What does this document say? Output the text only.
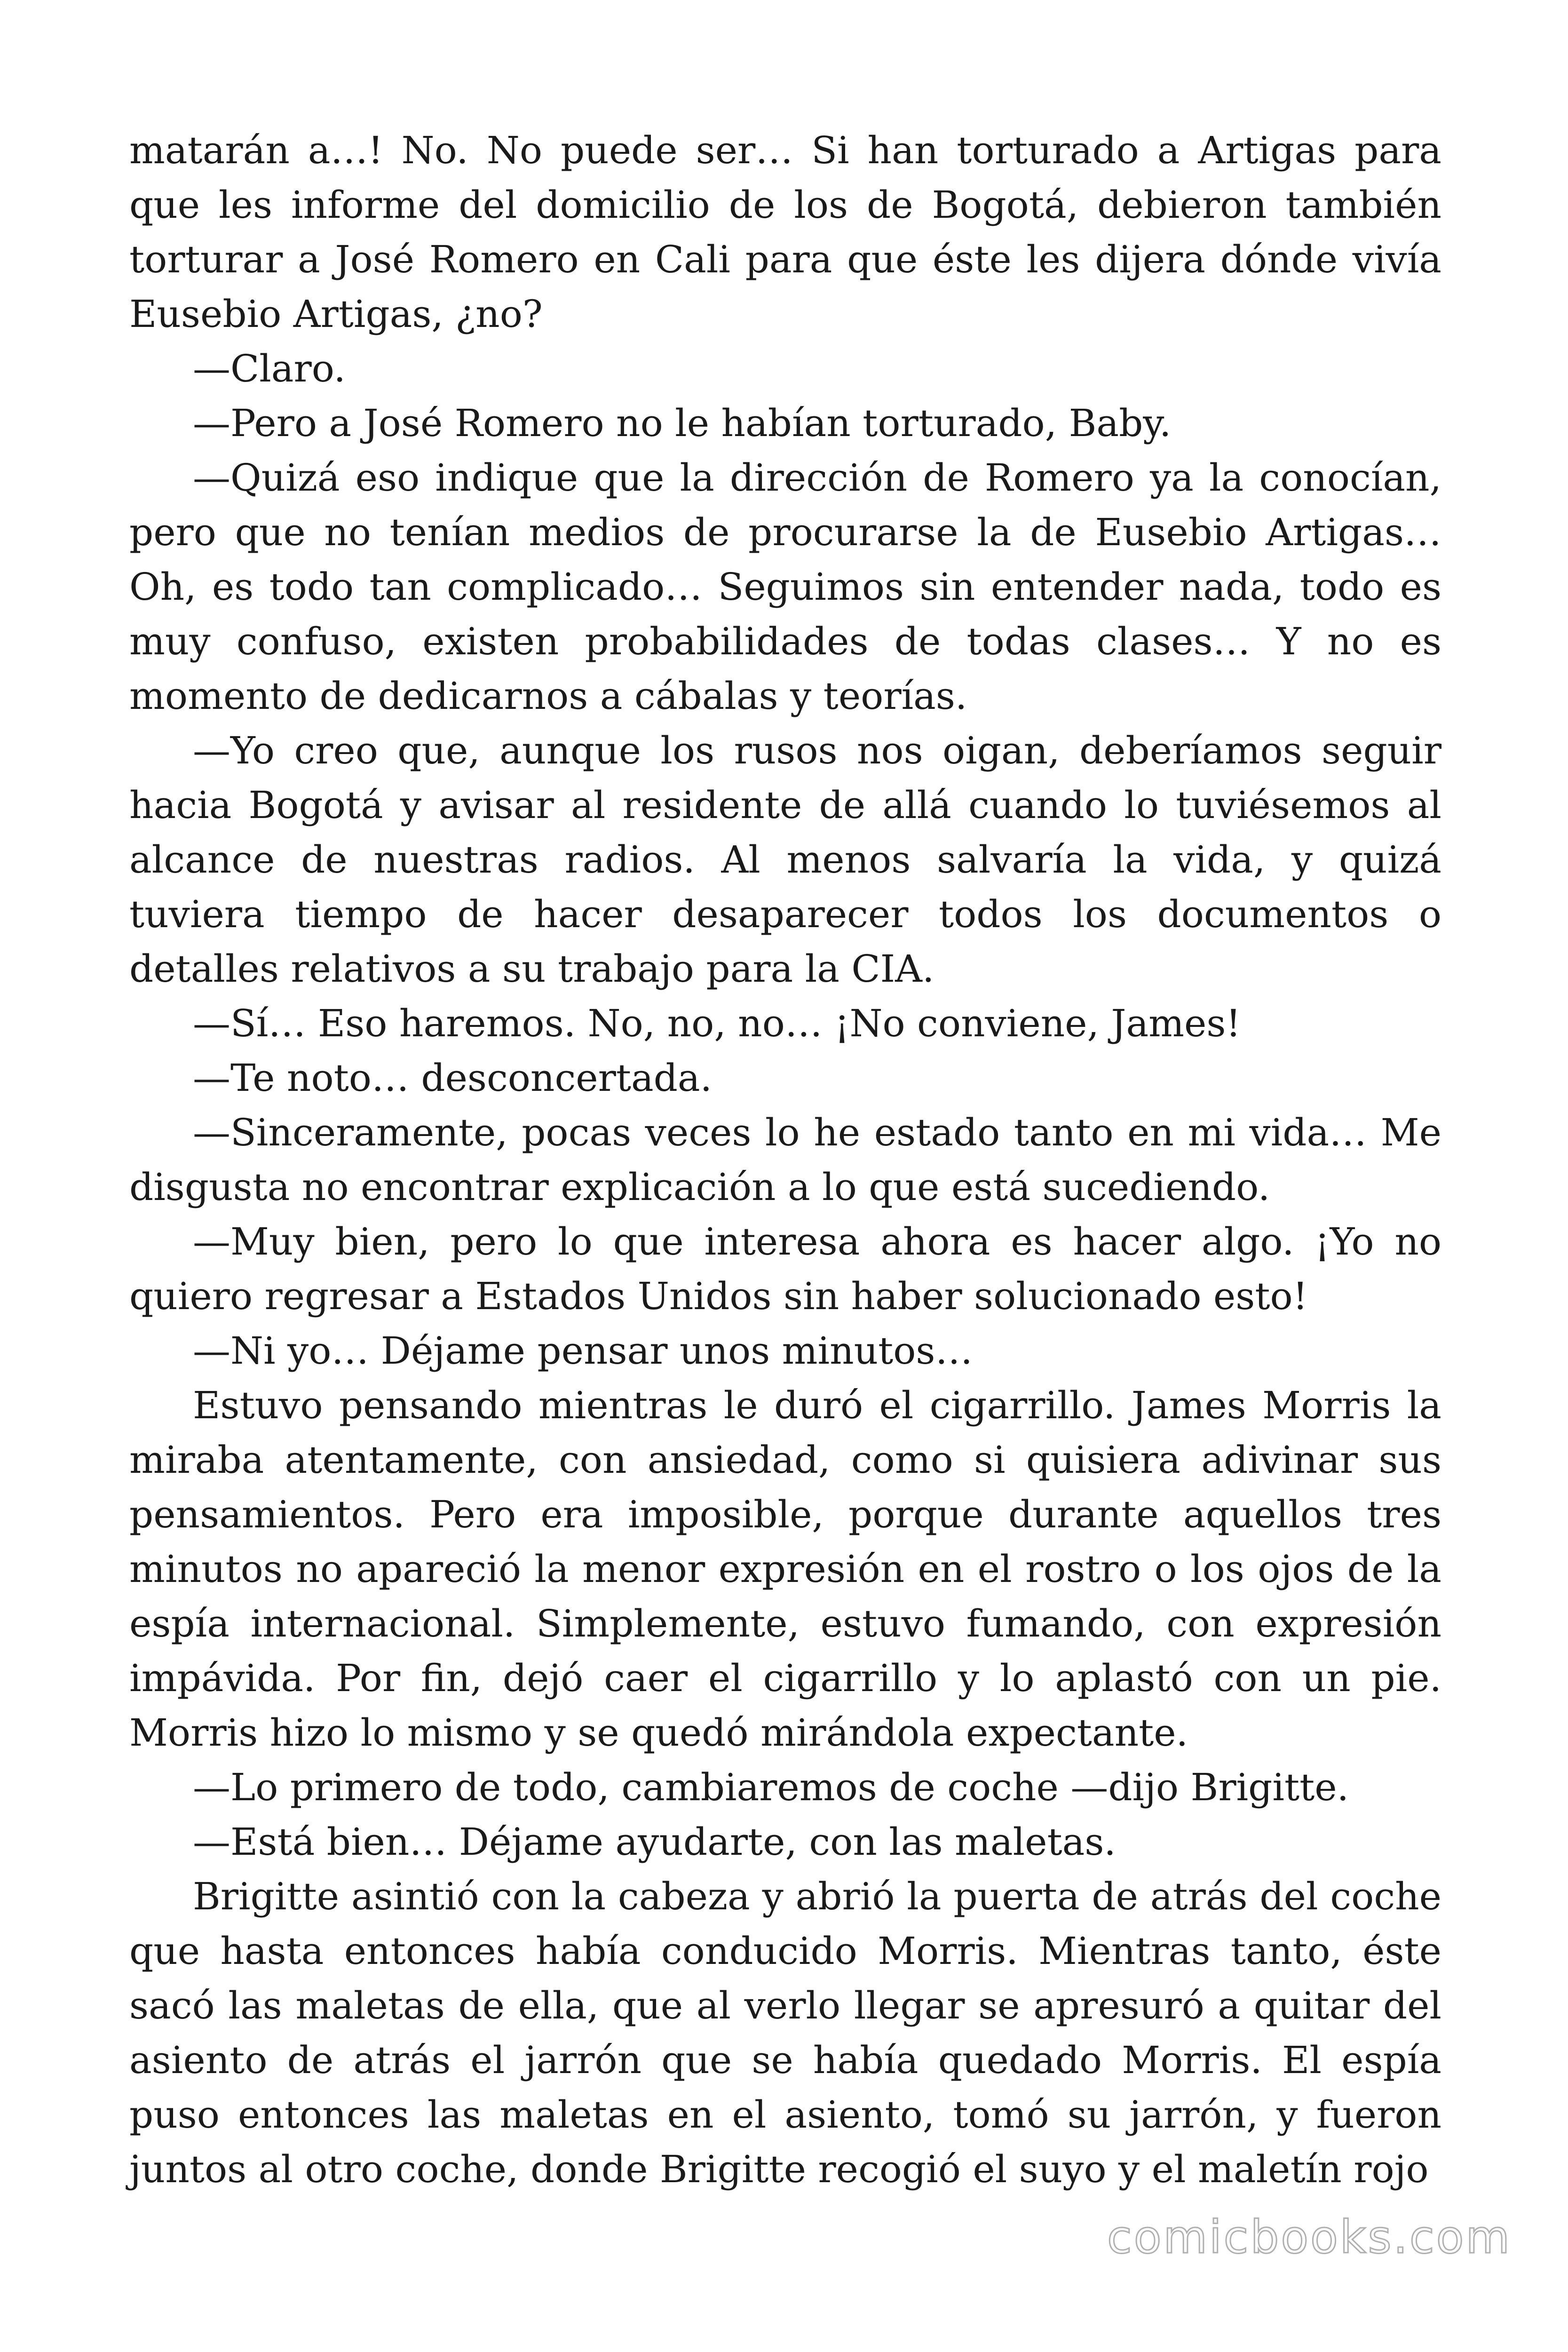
matarán a…! No. No puede ser… Si han torturado a Artigas para que les informe del domicilio de los de Bogotá, debieron también torturar a José Romero en Cali para que éste les dijera dónde vivía Eusebio Artigas, ¿no?

—Claro.

—Pero a José Romero no le habían torturado, Baby.

—Quizá eso indique que la dirección de Romero ya la conocían, pero que no tenían medios de procurarse la de Eusebio Artigas… Oh, es todo tan complicado… Seguimos sin entender nada, todo es muy confuso, existen probabilidades de todas clases… Y no es momento de dedicarnos a cábalas y teorías.

—Yo creo que, aunque los rusos nos oigan, deberíamos seguir hacia Bogotá y avisar al residente de allá cuando lo tuviésemos al alcance de nuestras radios. Al menos salvaría la vida, y quizá tuviera tiempo de hacer desaparecer todos los documentos o detalles relativos a su trabajo para la CIA.

—Sí… Eso haremos. No, no, no… ¡No conviene, James!

—Te noto… desconcertada.

—Sinceramente, pocas veces lo he estado tanto en mi vida… Me disgusta no encontrar explicación a lo que está sucediendo.

—Muy bien, pero lo que interesa ahora es hacer algo. ¡Yo no quiero regresar a Estados Unidos sin haber solucionado esto!

—Ni yo… Déjame pensar unos minutos…

Estuvo pensando mientras le duró el cigarrillo. James Morris la miraba atentamente, con ansiedad, como si quisiera adivinar sus pensamientos. Pero era imposible, porque durante aquellos tres minutos no apareció la menor expresión en el rostro o los ojos de la espía internacional. Simplemente, estuvo fumando, con expresión impávida. Por fin, dejó caer el cigarrillo y lo aplastó con un pie. Morris hizo lo mismo y se quedó mirándola expectante.

—Lo primero de todo, cambiaremos de coche —dijo Brigitte.

—Está bien… Déjame ayudarte, con las maletas.

Brigitte asintió con la cabeza y abrió la puerta de atrás del coche que hasta entonces había conducido Morris. Mientras tanto, éste sacó las maletas de ella, que al verlo llegar se apresuró a quitar del asiento de atrás el jarrón que se había quedado Morris. El espía puso entonces las maletas en el asiento, tomó su jarrón, y fueron juntos al otro coche, donde Brigitte recogió el suyo y el maletín rojo

comicbooks.com
